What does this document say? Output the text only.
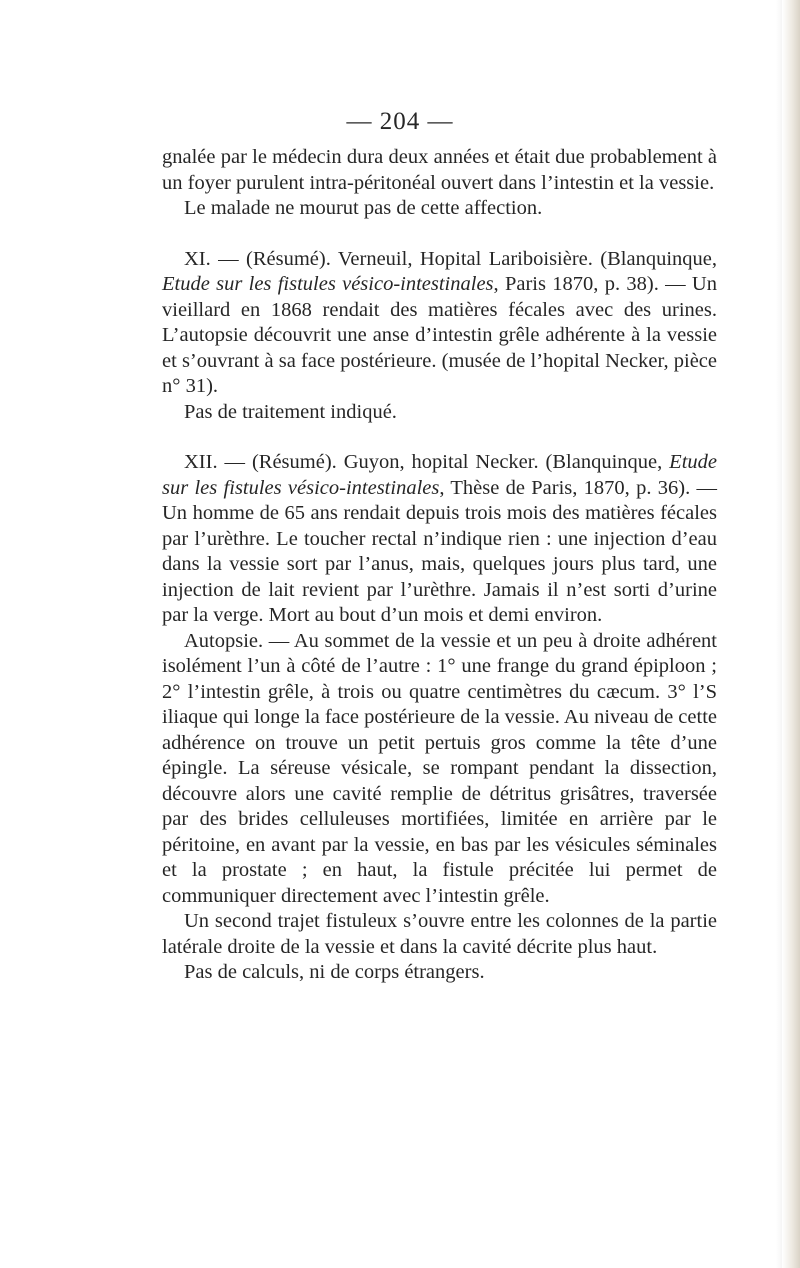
— 204 —

gnalée par le médecin dura deux années et était due probablement à un foyer purulent intra-péritonéal ouvert dans l’intestin et la vessie.

Le malade ne mourut pas de cette affection.

XI. — (Résumé). Verneuil, Hopital Lariboisière. (Blanquinque, Etude sur les fistules vésico-intestinales, Paris 1870, p. 38). — Un vieillard en 1868 rendait des matières fécales avec des urines. L’autopsie découvrit une anse d’intestin grêle adhérente à la vessie et s’ouvrant à sa face postérieure. (musée de l’hopital Necker, pièce n° 31).

Pas de traitement indiqué.

XII. — (Résumé). Guyon, hopital Necker. (Blanquinque, Etude sur les fistules vésico-intestinales, Thèse de Paris, 1870, p. 36). — Un homme de 65 ans rendait depuis trois mois des matières fécales par l’urèthre. Le toucher rectal n’indique rien : une injection d’eau dans la vessie sort par l’anus, mais, quelques jours plus tard, une injection de lait revient par l’urèthre. Jamais il n’est sorti d’urine par la verge. Mort au bout d’un mois et demi environ.

Autopsie. — Au sommet de la vessie et un peu à droite adhérent isolément l’un à côté de l’autre : 1° une frange du grand épiploon ; 2° l’intestin grêle, à trois ou quatre centimètres du cæcum. 3° l’S iliaque qui longe la face postérieure de la vessie. Au niveau de cette adhérence on trouve un petit pertuis gros comme la tête d’une épingle. La séreuse vésicale, se rompant pendant la dissection, découvre alors une cavité remplie de détritus grisâtres, traversée par des brides celluleuses mortifiées, limitée en arrière par le péritoine, en avant par la vessie, en bas par les vésicules séminales et la prostate ; en haut, la fistule précitée lui permet de communiquer directement avec l’intestin grêle.

Un second trajet fistuleux s’ouvre entre les colonnes de la partie latérale droite de la vessie et dans la cavité décrite plus haut.

Pas de calculs, ni de corps étrangers.
